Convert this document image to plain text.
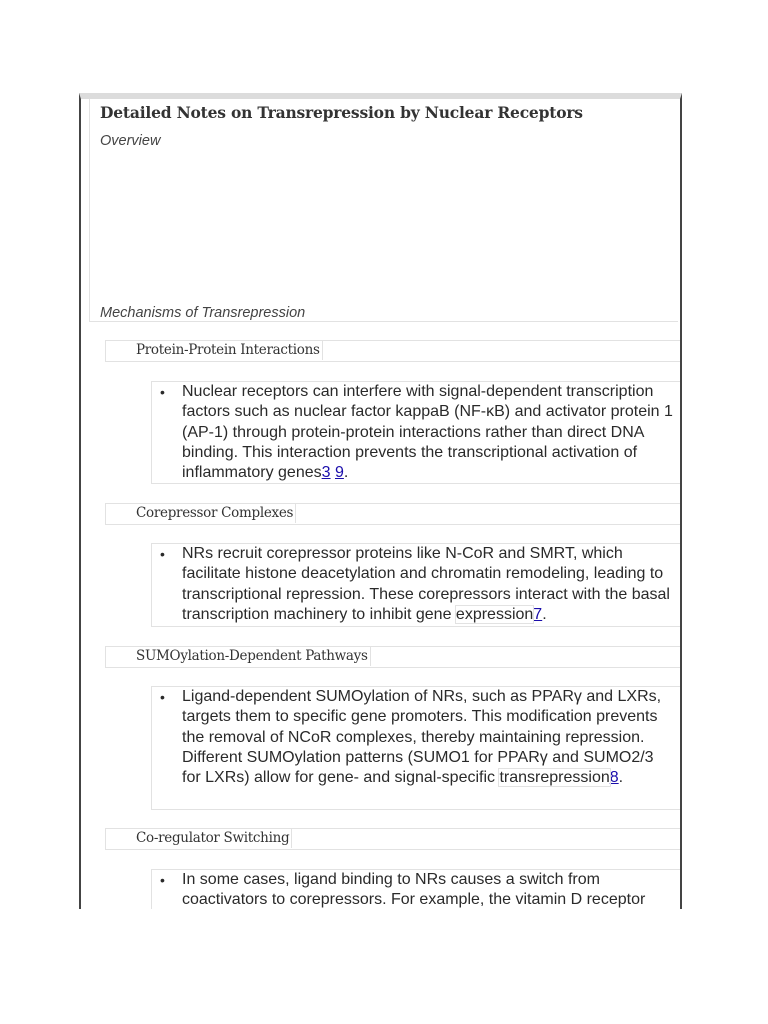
Detailed Notes on Transrepression by Nuclear Receptors
Overview
Mechanisms of Transrepression
Protein-Protein Interactions
• Nuclear receptors can interfere with signal-dependent transcription factors such as nuclear factor kappaB (NF-κB) and activator protein 1 (AP-1) through protein-protein interactions rather than direct DNA binding. This interaction prevents the transcriptional activation of inflammatory genes3 9.
Corepressor Complexes
• NRs recruit corepressor proteins like N-CoR and SMRT, which facilitate histone deacetylation and chromatin remodeling, leading to transcriptional repression. These corepressors interact with the basal transcription machinery to inhibit gene expression7.
SUMOylation-Dependent Pathways
• Ligand-dependent SUMOylation of NRs, such as PPARγ and LXRs, targets them to specific gene promoters. This modification prevents the removal of NCoR complexes, thereby maintaining repression. Different SUMOylation patterns (SUMO1 for PPARγ and SUMO2/3 for LXRs) allow for gene- and signal-specific transrepression8.
Co-regulator Switching
• In some cases, ligand binding to NRs causes a switch from coactivators to corepressors. For example, the vitamin D receptor
